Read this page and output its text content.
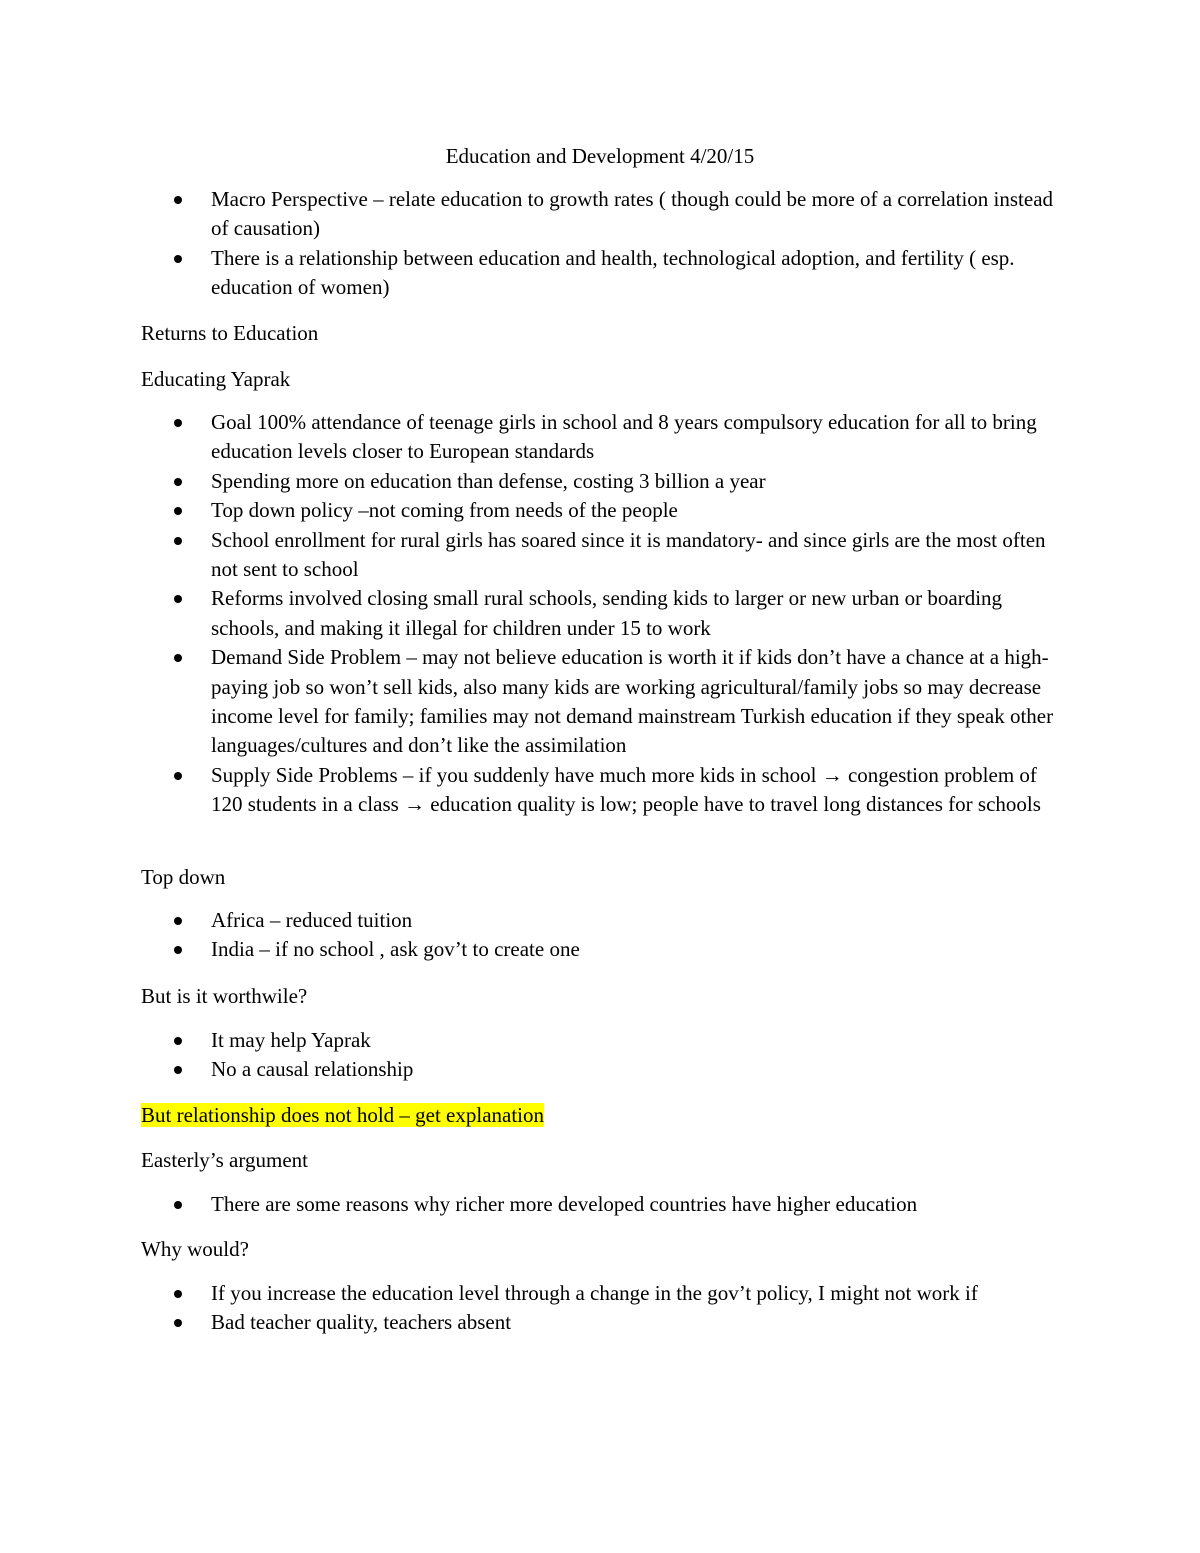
Education and Development 4/20/15
Macro Perspective – relate education to growth rates ( though could be more of a correlation instead of causation)
There is a relationship between education and health, technological adoption, and fertility ( esp. education of women)

Returns to Education

Educating Yaprak

Goal 100% attendance of teenage girls in school and 8 years compulsory education for all to bring education levels closer to European standards
Spending more on education than defense, costing 3 billion a year
Top down policy –not coming from needs of the people
School enrollment for rural girls has soared since it is mandatory- and since girls are the most often not sent to school
Reforms involved closing small rural schools, sending kids to larger or new urban or boarding schools, and making it illegal for children under 15 to work
Demand Side Problem – may not believe education is worth it if kids don’t have a chance at a high-paying job so won’t sell kids, also many kids are working agricultural/family jobs so may decrease income level for family; families may not demand mainstream Turkish education if they speak other languages/cultures and don’t like the assimilation
Supply Side Problems – if you suddenly have much more kids in school → congestion problem of 120 students in a class → education quality is low; people have to travel long distances for schools

Top down

Africa – reduced tuition
India – if no school , ask gov’t to create one

But is it worthwile?

It may help Yaprak
No a causal relationship

But relationship does not hold – get explanation

Easterly’s argument

There are some reasons why richer more developed countries have higher education

Why would?

If you increase the education level through a change in the gov’t policy, I might not work if
Bad teacher quality, teachers absent
